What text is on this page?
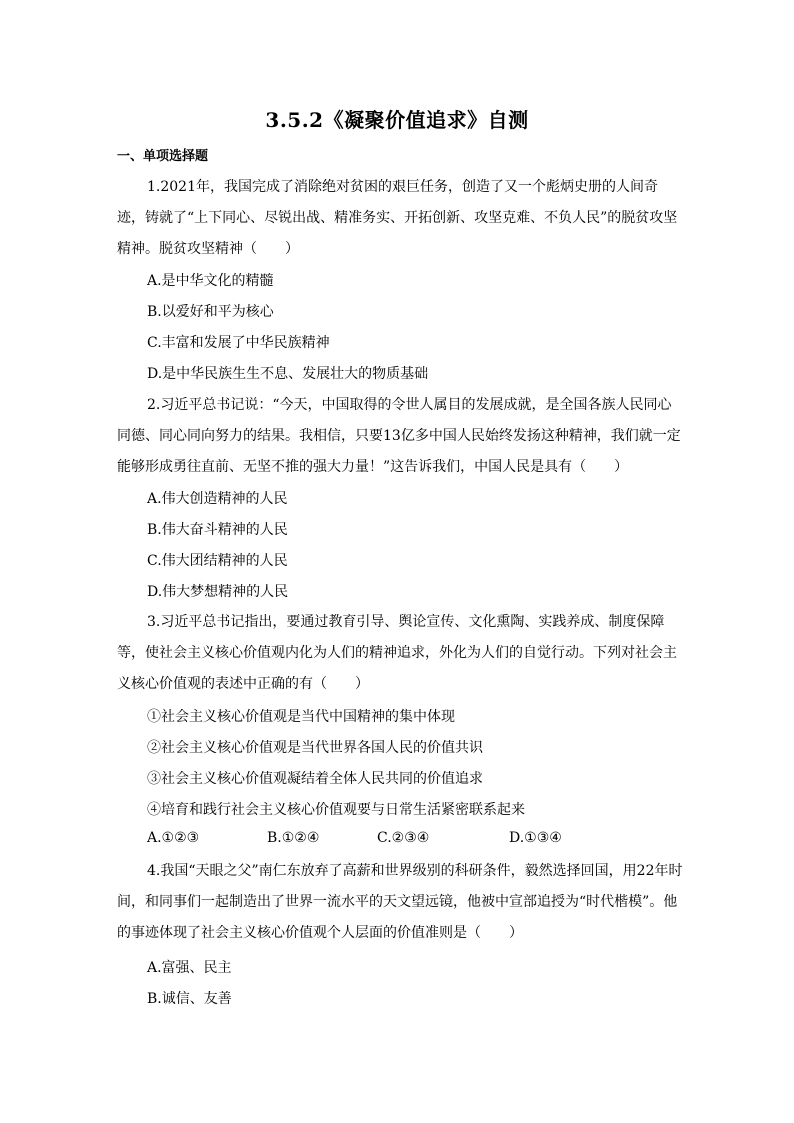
3.5.2《凝聚价值追求》自测
一、单项选择题

1.2021年，我国完成了消除绝对贫困的艰巨任务，创造了又一个彪炳史册的人间奇迹，铸就了“上下同心、尽锐出战、精准务实、开拓创新、攻坚克难、不负人民”的脱贫攻坚精神。脱贫攻坚精神（　　）

A.是中华文化的精髓
B.以爱好和平为核心
C.丰富和发展了中华民族精神
D.是中华民族生生不息、发展壮大的物质基础

2.习近平总书记说：“今天，中国取得的令世人属目的发展成就，是全国各族人民同心同德、同心同向努力的结果。我相信，只要13亿多中国人民始终发扬这种精神，我们就一定能够形成勇往直前、无坚不推的强大力量！”这告诉我们，中国人民是具有（　　）

A.伟大创造精神的人民
B.伟大奋斗精神的人民
C.伟大团结精神的人民
D.伟大梦想精神的人民

3.习近平总书记指出，要通过教育引导、舆论宣传、文化熏陶、实践养成、制度保障等，使社会主义核心价值观内化为人们的精神追求，外化为人们的自觉行动。下列对社会主义核心价值观的表述中正确的有（　　）

①社会主义核心价值观是当代中国精神的集中体现
②社会主义核心价值观是当代世界各国人民的价值共识
③社会主义核心价值观凝结着全体人民共同的价值追求
④培育和践行社会主义核心价值观要与日常生活紧密联系起来
A.①②③	B.①②④	C.②③④	D.①③④

4.我国“天眼之父”南仁东放弃了高薪和世界级别的科研条件，毅然选择回国，用22年时间，和同事们一起制造出了世界一流水平的天文望远镜，他被中宣部追授为“时代楷模”。他的事迹体现了社会主义核心价值观个人层面的价值准则是（　　）

A.富强、民主
B.诚信、友善
